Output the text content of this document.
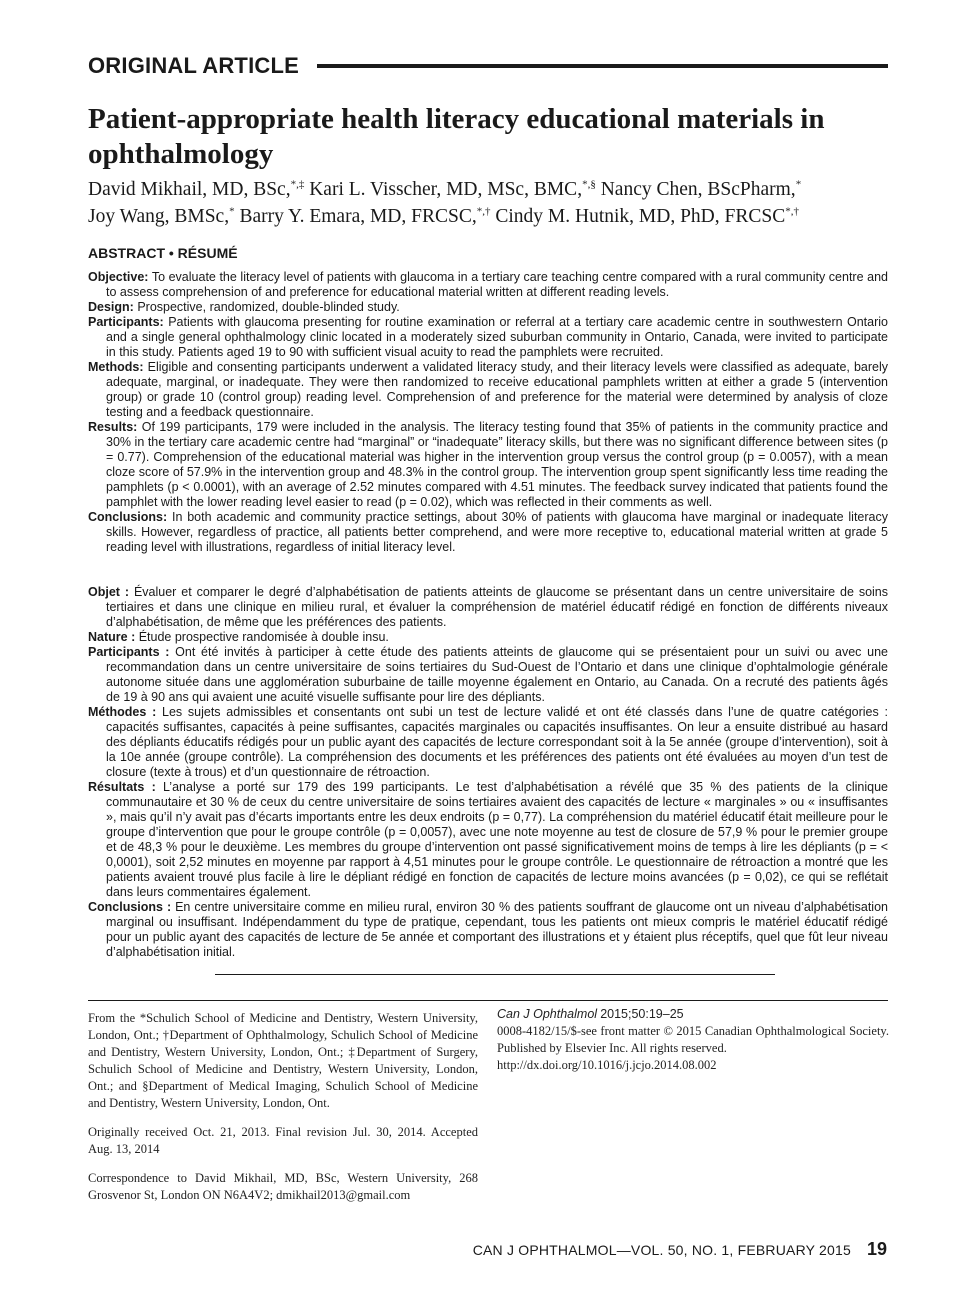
ORIGINAL ARTICLE
Patient-appropriate health literacy educational materials in ophthalmology

David Mikhail, MD, BSc,*,‡ Kari L. Visscher, MD, MSc, BMC,*,§ Nancy Chen, BScPharm,*
Joy Wang, BMSc,* Barry Y. Emara, MD, FRCSC,*,† Cindy M. Hutnik, MD, PhD, FRCSC*,†

ABSTRACT • RÉSUMÉ

Objective: To evaluate the literacy level of patients with glaucoma in a tertiary care teaching centre compared with a rural community centre and to assess comprehension of and preference for educational material written at different reading levels.

Design: Prospective, randomized, double-blinded study.

Participants: Patients with glaucoma presenting for routine examination or referral at a tertiary care academic centre in southwestern Ontario and a single general ophthalmology clinic located in a moderately sized suburban community in Ontario, Canada, were invited to participate in this study. Patients aged 19 to 90 with sufficient visual acuity to read the pamphlets were recruited.

Methods: Eligible and consenting participants underwent a validated literacy study, and their literacy levels were classified as adequate, barely adequate, marginal, or inadequate. They were then randomized to receive educational pamphlets written at either a grade 5 (intervention group) or grade 10 (control group) reading level. Comprehension of and preference for the material were determined by analysis of cloze testing and a feedback questionnaire.

Results: Of 199 participants, 179 were included in the analysis. The literacy testing found that 35% of patients in the community practice and 30% in the tertiary care academic centre had “marginal” or “inadequate” literacy skills, but there was no significant difference between sites (p = 0.77). Comprehension of the educational material was higher in the intervention group versus the control group (p = 0.0057), with a mean cloze score of 57.9% in the intervention group and 48.3% in the control group. The intervention group spent significantly less time reading the pamphlets (p < 0.0001), with an average of 2.52 minutes compared with 4.51 minutes. The feedback survey indicated that patients found the pamphlet with the lower reading level easier to read (p = 0.02), which was reflected in their comments as well.

Conclusions: In both academic and community practice settings, about 30% of patients with glaucoma have marginal or inadequate literacy skills. However, regardless of practice, all patients better comprehend, and were more receptive to, educational material written at grade 5 reading level with illustrations, regardless of initial literacy level.

Objet : Évaluer et comparer le degré d’alphabétisation de patients atteints de glaucome se présentant dans un centre universitaire de soins tertiaires et dans une clinique en milieu rural, et évaluer la compréhension de matériel éducatif rédigé en fonction de différents niveaux d’alphabétisation, de même que les préférences des patients.

Nature : Étude prospective randomisée à double insu.

Participants : Ont été invités à participer à cette étude des patients atteints de glaucome qui se présentaient pour un suivi ou avec une recommandation dans un centre universitaire de soins tertiaires du Sud-Ouest de l’Ontario et dans une clinique d’ophtalmologie générale autonome située dans une agglomération suburbaine de taille moyenne également en Ontario, au Canada. On a recruté des patients âgés de 19 à 90 ans qui avaient une acuité visuelle suffisante pour lire des dépliants.

Méthodes : Les sujets admissibles et consentants ont subi un test de lecture validé et ont été classés dans l’une de quatre catégories : capacités suffisantes, capacités à peine suffisantes, capacités marginales ou capacités insuffisantes. On leur a ensuite distribué au hasard des dépliants éducatifs rédigés pour un public ayant des capacités de lecture correspondant soit à la 5e année (groupe d’intervention), soit à la 10e année (groupe contrôle). La compréhension des documents et les préférences des patients ont été évaluées au moyen d’un test de closure (texte à trous) et d’un questionnaire de rétroaction.

Résultats : L’analyse a porté sur 179 des 199 participants. Le test d’alphabétisation a révélé que 35 % des patients de la clinique communautaire et 30 % de ceux du centre universitaire de soins tertiaires avaient des capacités de lecture « marginales » ou « insuffisantes », mais qu’il n’y avait pas d’écarts importants entre les deux endroits (p = 0,77). La compréhension du matériel éducatif était meilleure pour le groupe d’intervention que pour le groupe contrôle (p = 0,0057), avec une note moyenne au test de closure de 57,9 % pour le premier groupe et de 48,3 % pour le deuxième. Les membres du groupe d’intervention ont passé significativement moins de temps à lire les dépliants (p = < 0,0001), soit 2,52 minutes en moyenne par rapport à 4,51 minutes pour le groupe contrôle. Le questionnaire de rétroaction a montré que les patients avaient trouvé plus facile à lire le dépliant rédigé en fonction de capacités de lecture moins avancées (p = 0,02), ce qui se reflétait dans leurs commentaires également.

Conclusions : En centre universitaire comme en milieu rural, environ 30 % des patients souffrant de glaucome ont un niveau d’alphabétisation marginal ou insuffisant. Indépendamment du type de pratique, cependant, tous les patients ont mieux compris le matériel éducatif rédigé pour un public ayant des capacités de lecture de 5e année et comportant des illustrations et y étaient plus réceptifs, quel que fût leur niveau d’alphabétisation initial.

From the *Schulich School of Medicine and Dentistry, Western University, London, Ont.; †Department of Ophthalmology, Schulich School of Medicine and Dentistry, Western University, London, Ont.; ‡Department of Surgery, Schulich School of Medicine and Dentistry, Western University, London, Ont.; and §Department of Medical Imaging, Schulich School of Medicine and Dentistry, Western University, London, Ont.

Originally received Oct. 21, 2013. Final revision Jul. 30, 2014. Accepted Aug. 13, 2014

Correspondence to David Mikhail, MD, BSc, Western University, 268 Grosvenor St, London ON N6A4V2; dmikhail2013@gmail.com

Can J Ophthalmol 2015;50:19–25

0008-4182/15/$-see front matter © 2015 Canadian Ophthalmological Society. Published by Elsevier Inc. All rights reserved.

http://dx.doi.org/10.1016/j.jcjo.2014.08.002

CAN J OPHTHALMOL—VOL. 50, NO. 1, FEBRUARY 2015 19
